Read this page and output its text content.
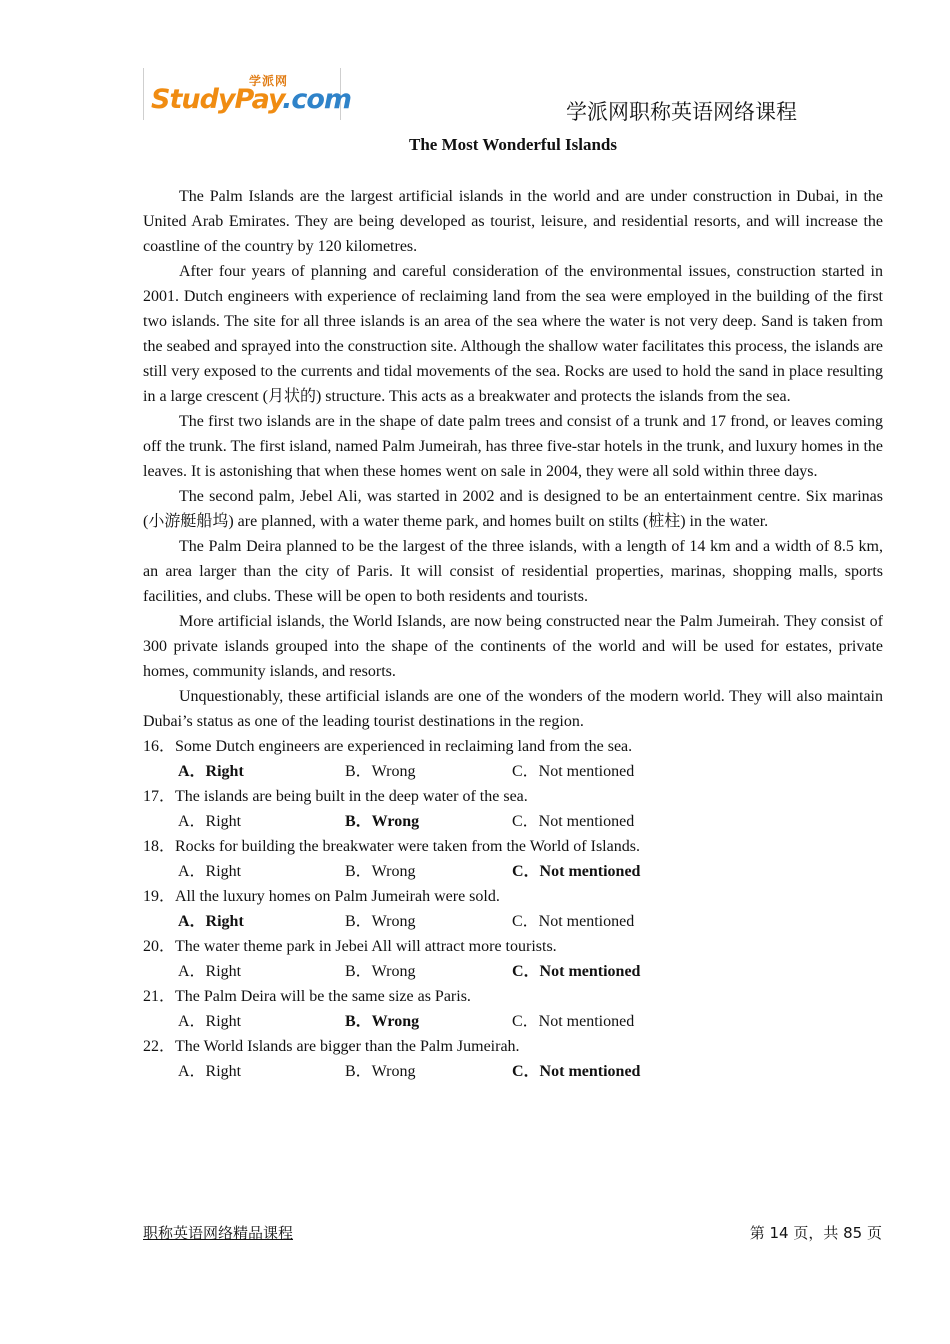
学派网
StudyPay.com	学派网职称英语网络课程
The Most Wonderful Islands

The Palm Islands are the largest artificial islands in the world and are under construction in Dubai, in the United Arab Emirates. They are being developed as tourist, leisure, and residential resorts, and will increase the coastline of the country by 120 kilometres.

After four years of planning and careful consideration of the environmental issues, construction started in 2001. Dutch engineers with experience of reclaiming land from the sea were employed in the building of the first two islands. The site for all three islands is an area of the sea where the water is not very deep. Sand is taken from the seabed and sprayed into the construction site. Although the shallow water facilitates this process, the islands are still very exposed to the currents and tidal movements of the sea. Rocks are used to hold the sand in place resulting in a large crescent (月状的) structure. This acts as a breakwater and protects the islands from the sea.

The first two islands are in the shape of date palm trees and consist of a trunk and 17 frond, or leaves coming off the trunk. The first island, named Palm Jumeirah, has three five-star hotels in the trunk, and luxury homes in the leaves. It is astonishing that when these homes went on sale in 2004, they were all sold within three days.

The second palm, Jebel Ali, was started in 2002 and is designed to be an entertainment centre. Six marinas (小游艇船坞) are planned, with a water theme park, and homes built on stilts (桩柱) in the water.

The Palm Deira planned to be the largest of the three islands, with a length of 14 km and a width of 8.5 km, an area larger than the city of Paris. It will consist of residential properties, marinas, shopping malls, sports facilities, and clubs. These will be open to both residents and tourists.

More artificial islands, the World Islands, are now being constructed near the Palm Jumeirah. They consist of 300 private islands grouped into the shape of the continents of the world and will be used for estates, private homes, community islands, and resorts.

Unquestionably, these artificial islands are one of the wonders of the modern world. They will also maintain Dubai’s status as one of the leading tourist destinations in the region.

16．Some Dutch engineers are experienced in reclaiming land from the sea.
A．Right	B．Wrong	C．Not mentioned
17．The islands are being built in the deep water of the sea.
A．Right	B．Wrong	C．Not mentioned
18．Rocks for building the breakwater were taken from the World of Islands.
A．Right	B．Wrong	C．Not mentioned
19．All the luxury homes on Palm Jumeirah were sold.
A．Right	B．Wrong	C．Not mentioned
20．The water theme park in Jebei All will attract more tourists.
A．Right	B．Wrong	C．Not mentioned
21．The Palm Deira will be the same size as Paris.
A．Right	B．Wrong	C．Not mentioned
22．The World Islands are bigger than the Palm Jumeirah.
A．Right	B．Wrong	C．Not mentioned
职称英语网络精品课程	第 14 页，共 85 页
